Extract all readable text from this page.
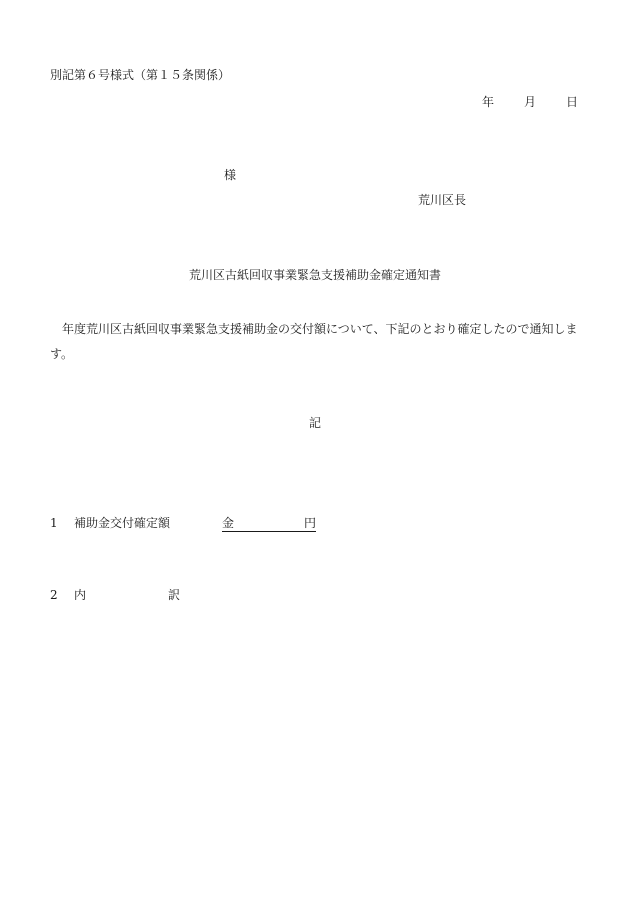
別記第６号様式（第１５条関係）
年	月	日
様
荒川区長
荒川区古紙回収事業緊急支援補助金確定通知書
年度荒川区古紙回収事業緊急支援補助金の交付額について、下記のとおり確定したので通知します。
記
1 補助金交付確定額	金	円
2 内　　訳
